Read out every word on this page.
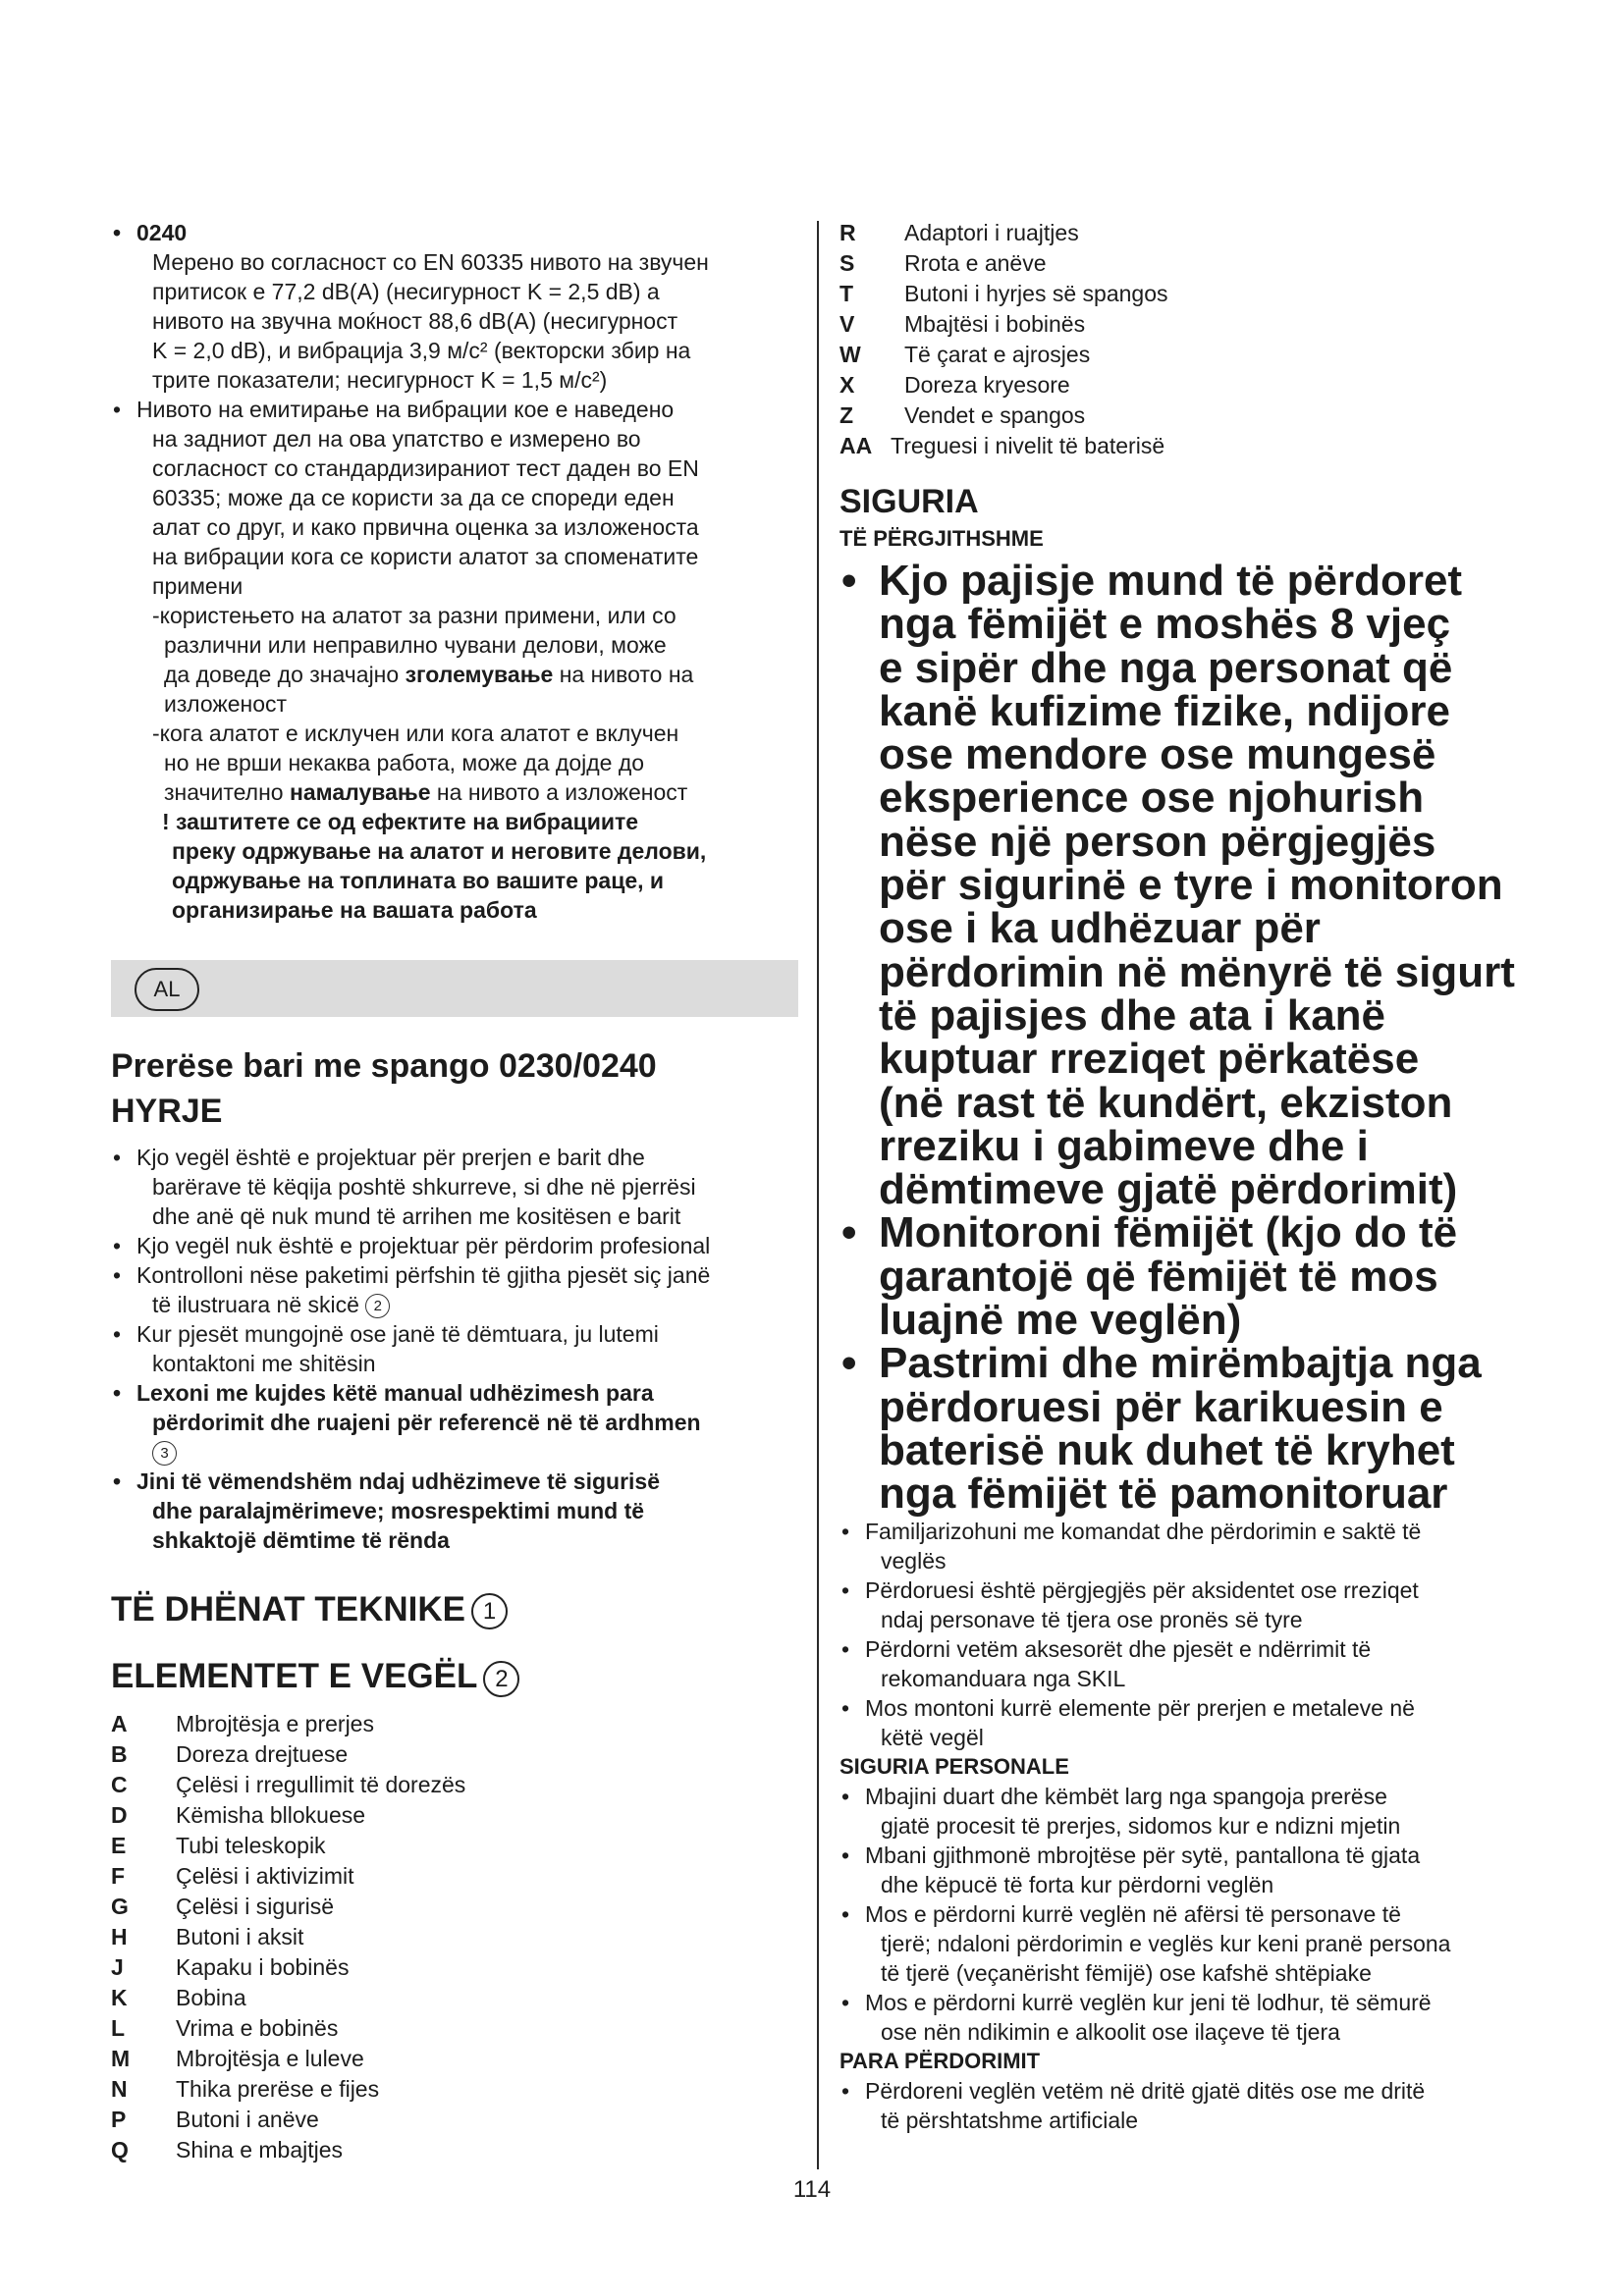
• 0240
Мерено во согласност со EN 60335 нивото на звучен
притисок е 77,2 dB(A) (несигурност K = 2,5 dB) а
нивото на звучна моќност 88,6 dB(A) (несигурност
K = 2,0 dB), и вибрација 3,9 м/с² (векторски збир на
трите показатели; несигурност K = 1,5 м/с²)
• Нивото на емитирање на вибрации кое е наведено
на задниот дел на ова упатство е измерено во
согласност со стандардизираниот тест даден во EN
60335; може да се користи за да се спореди еден
алат со друг, и како првична оценка за изложеноста
на вибрации кога се користи алатот за споменатите
примени
-користењето на алатот за разни примени, или со
различни или неправилно чувани делови, може
да доведе до значајно зголемување на нивото на
изложеност
-кога алатот е исклучен или кога алатот е вклучен
но не врши некаква работа, може да дојде до
значително намалување на нивото а изложеност
! заштитете се од ефектите на вибрациите
преку одржување на алатот и неговите делови,
одржување на топлината во вашите раце, и
организирање на вашата работа
AL
Prerëse bari me spango 0230/0240
HYRJE
• Kjo vegël është e projektuar për prerjen e barit dhe
barërave të këqija poshtë shkurreve, si dhe në pjerrësi
dhe anë që nuk mund të arrihen me kositësen e barit
• Kjo vegël nuk është e projektuar për përdorim profesional
• Kontrolloni nëse paketimi përfshin të gjitha pjesët siç janë
të ilustruara në skicë 2
• Kur pjesët mungojnë ose janë të dëmtuara, ju lutemi
kontaktoni me shitësin
• Lexoni me kujdes këtë manual udhëzimesh para
përdorimit dhe ruajeni për referencë në të ardhmen
3
• Jini të vëmendshëm ndaj udhëzimeve të sigurisë
dhe paralajmërimeve; mosrespektimi mund të
shkaktojë dëmtime të rënda
TË DHËNAT TEKNIKE 1
ELEMENTET E VEGËL 2
A	Mbrojtësja e prerjes
B	Doreza drejtuese
C	Çelësi i rregullimit të dorezës
D	Këmisha bllokuese
E	Tubi teleskopik
F	Çelësi i aktivizimit
G	Çelësi i sigurisë
H	Butoni i aksit
J	Kapaku i bobinës
K	Bobina
L	Vrima e bobinës
M	Mbrojtësja e luleve
N	Thika prerëse e fijes
P	Butoni i anëve
Q	Shina e mbajtjes
R	Adaptori i ruajtjes
S	Rrota e anëve
T	Butoni i hyrjes së spangos
V	Mbajtësi i bobinës
W	Të çarat e ajrosjes
X	Doreza kryesore
Z	Vendet e spangos
AA Treguesi i nivelit të baterisë
SIGURIA
TË PËRGJITHSHME
• Kjo pajisje mund të përdoret
nga fëmijët e moshës 8 vjeç
e sipër dhe nga personat që
kanë kufizime fizike, ndijore
ose mendore ose mungesë
eksperience ose njohurish
nëse një person përgjegjës
për sigurinë e tyre i monitoron
ose i ka udhëzuar për
përdorimin në mënyrë të sigurt
të pajisjes dhe ata i kanë
kuptuar rreziqet përkatëse
(në rast të kundërt, ekziston
rreziku i gabimeve dhe i
dëmtimeve gjatë përdorimit)
• Monitoroni fëmijët (kjo do të
garantojë që fëmijët të mos
luajnë me veglën)
• Pastrimi dhe mirëmbajtja nga
përdoruesi për karikuesin e
baterisë nuk duhet të kryhet
nga fëmijët të pamonitoruar
• Familjarizohuni me komandat dhe përdorimin e saktë të
veglës
• Përdoruesi është përgjegjës për aksidentet ose rreziqet
ndaj personave të tjera ose pronës së tyre
• Përdorni vetëm aksesorët dhe pjesët e ndërrimit të
rekomanduara nga SKIL
• Mos montoni kurrë elemente për prerjen e metaleve në
këtë vegël
SIGURIA PERSONALE
• Mbajini duart dhe këmbët larg nga spangoja prerëse
gjatë procesit të prerjes, sidomos kur e ndizni mjetin
• Mbani gjithmonë mbrojtëse për sytë, pantallona të gjata
dhe këpucë të forta kur përdorni veglën
• Mos e përdorni kurrë veglën në afërsi të personave të
tjerë; ndaloni përdorimin e veglës kur keni pranë persona
të tjerë (veçanërisht fëmijë) ose kafshë shtëpiake
• Mos e përdorni kurrë veglën kur jeni të lodhur, të sëmurë
ose nën ndikimin e alkoolit ose ilaçeve të tjera
PARA PËRDORIMIT
• Përdoreni veglën vetëm në dritë gjatë ditës ose me dritë
të përshtatshme artificiale
114
